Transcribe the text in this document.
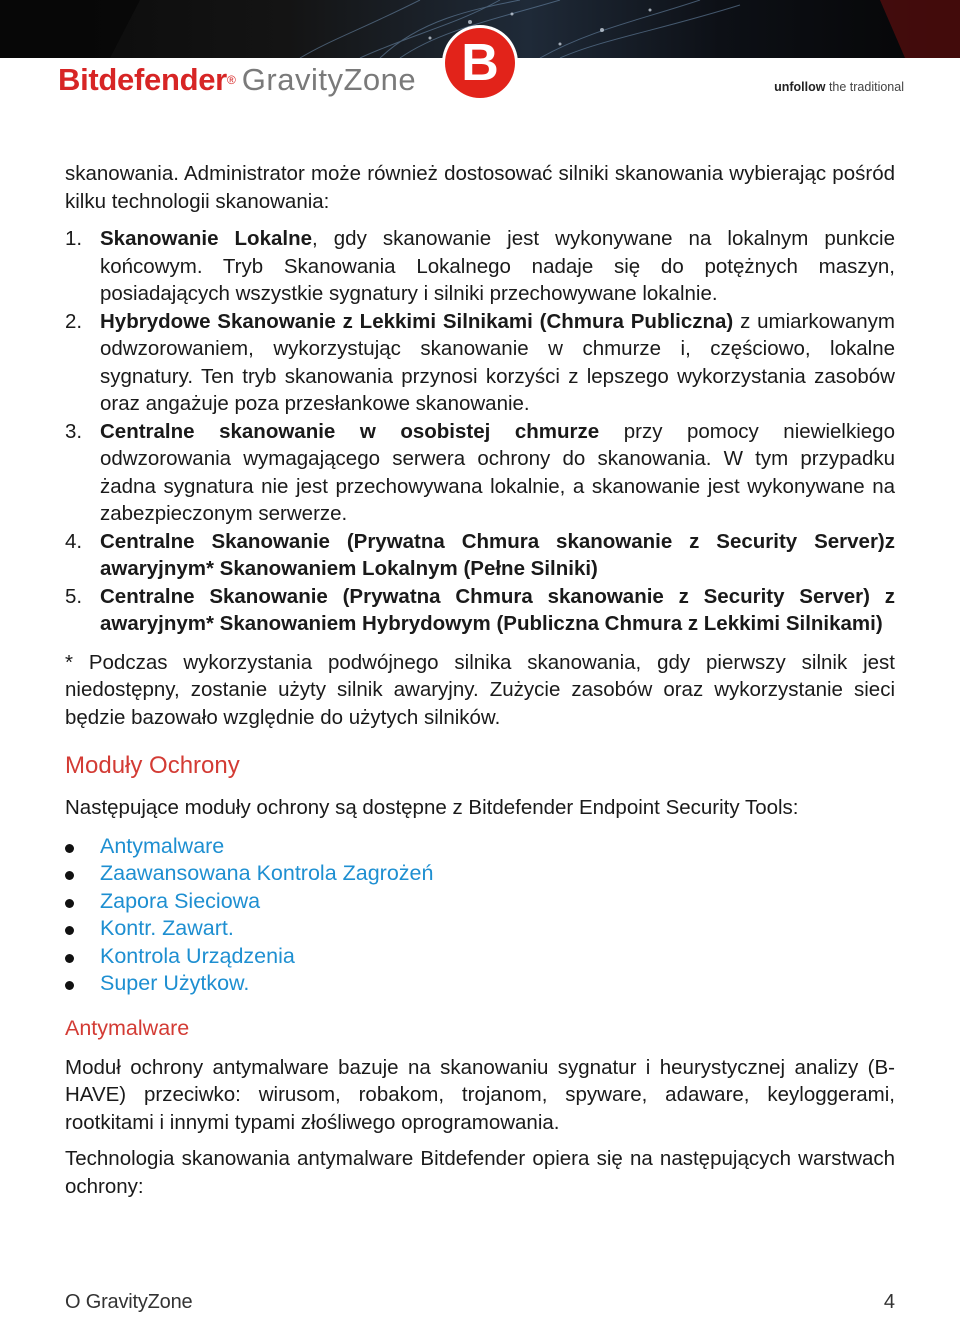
Bitdefender ® GravityZone B	unfollow the traditional

skanowania. Administrator może również dostosować silniki skanowania wybierając pośród kilku technologii skanowania:

1. Skanowanie Lokalne, gdy skanowanie jest wykonywane na lokalnym punkcie końcowym. Tryb Skanowania Lokalnego nadaje się do potężnych maszyn, posiadających wszystkie sygnatury i silniki przechowywane lokalnie.
2. Hybrydowe Skanowanie z Lekkimi Silnikami (Chmura Publiczna) z umiarkowanym odwzorowaniem, wykorzystując skanowanie w chmurze i, częściowo, lokalne sygnatury. Ten tryb skanowania przynosi korzyści z lepszego wykorzystania zasobów oraz angażuje poza przesłankowe skanowanie.
3. Centralne skanowanie w osobistej chmurze przy pomocy niewielkiego odwzorowania wymagającego serwera ochrony do skanowania. W tym przypadku żadna sygnatura nie jest przechowywana lokalnie, a skanowanie jest wykonywane na zabezpieczonym serwerze.
4. Centralne Skanowanie (Prywatna Chmura skanowanie z Security Server)z awaryjnym* Skanowaniem Lokalnym (Pełne Silniki)
5. Centralne Skanowanie (Prywatna Chmura skanowanie z Security Server) z awaryjnym* Skanowaniem Hybrydowym (Publiczna Chmura z Lekkimi Silnikami)

* Podczas wykorzystania podwójnego silnika skanowania, gdy pierwszy silnik jest niedostępny, zostanie użyty silnik awaryjny. Zużycie zasobów oraz wykorzystanie sieci będzie bazowało względnie do użytych silników.

Moduły Ochrony

Następujące moduły ochrony są dostępne z Bitdefender Endpoint Security Tools:

Antymalware
Zaawansowana Kontrola Zagrożeń
Zapora Sieciowa
Kontr. Zawart.
Kontrola Urządzenia
Super Użytkow.
Antymalware

Moduł ochrony antymalware bazuje na skanowaniu sygnatur i heurystycznej analizy (B-HAVE) przeciwko: wirusom, robakom, trojanom, spyware, adaware, keyloggerami, rootkitami i innymi typami złośliwego oprogramowania.

Technologia skanowania antymalware Bitdefender opiera się na następujących warstwach ochrony:

O GravityZone	4
